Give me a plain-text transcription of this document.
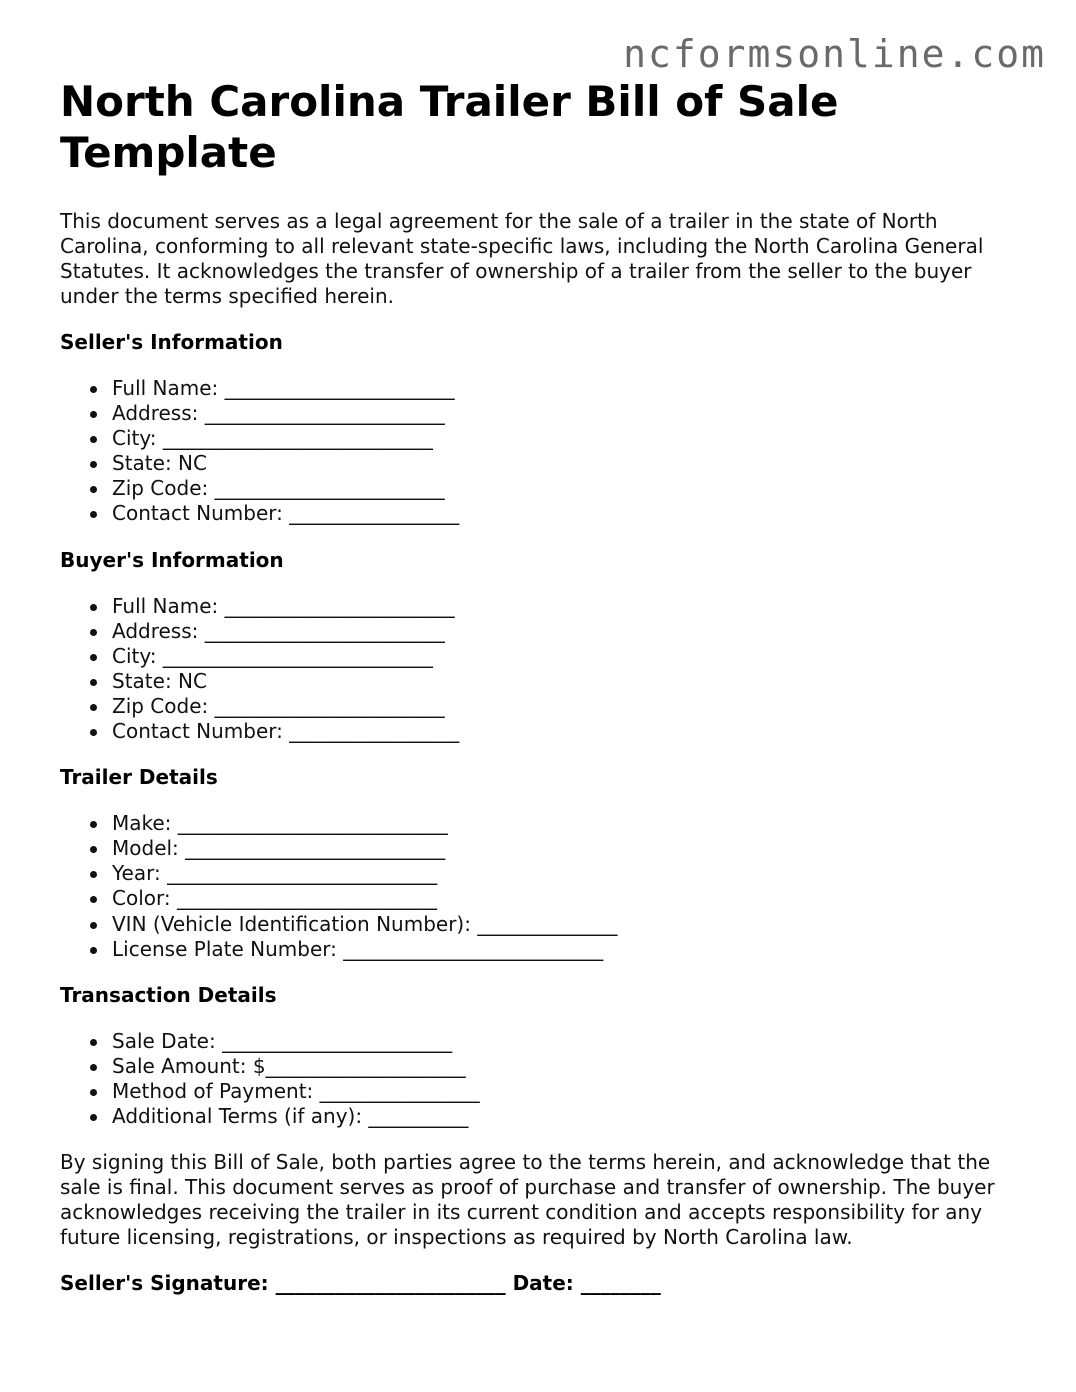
ncformsonline.com
North Carolina Trailer Bill of Sale Template

This document serves as a legal agreement for the sale of a trailer in the state of North Carolina, conforming to all relevant state-specific laws, including the North Carolina General Statutes. It acknowledges the transfer of ownership of a trailer from the seller to the buyer under the terms specified herein.

Seller's Information
Full Name: _______________________
Address: ________________________
City: ___________________________
State: NC
Zip Code: _______________________
Contact Number: _________________
Buyer's Information
Full Name: _______________________
Address: ________________________
City: ___________________________
State: NC
Zip Code: _______________________
Contact Number: _________________
Trailer Details
Make: ___________________________
Model: __________________________
Year: ___________________________
Color: __________________________
VIN (Vehicle Identification Number): ______________
License Plate Number: __________________________
Transaction Details
Sale Date: _______________________
Sale Amount: $____________________
Method of Payment: ________________
Additional Terms (if any): __________

By signing this Bill of Sale, both parties agree to the terms herein, and acknowledge that the sale is final. This document serves as proof of purchase and transfer of ownership. The buyer acknowledges receiving the trailer in its current condition and accepts responsibility for any future licensing, registrations, or inspections as required by North Carolina law.

Seller's Signature: _______________________ Date: ________
